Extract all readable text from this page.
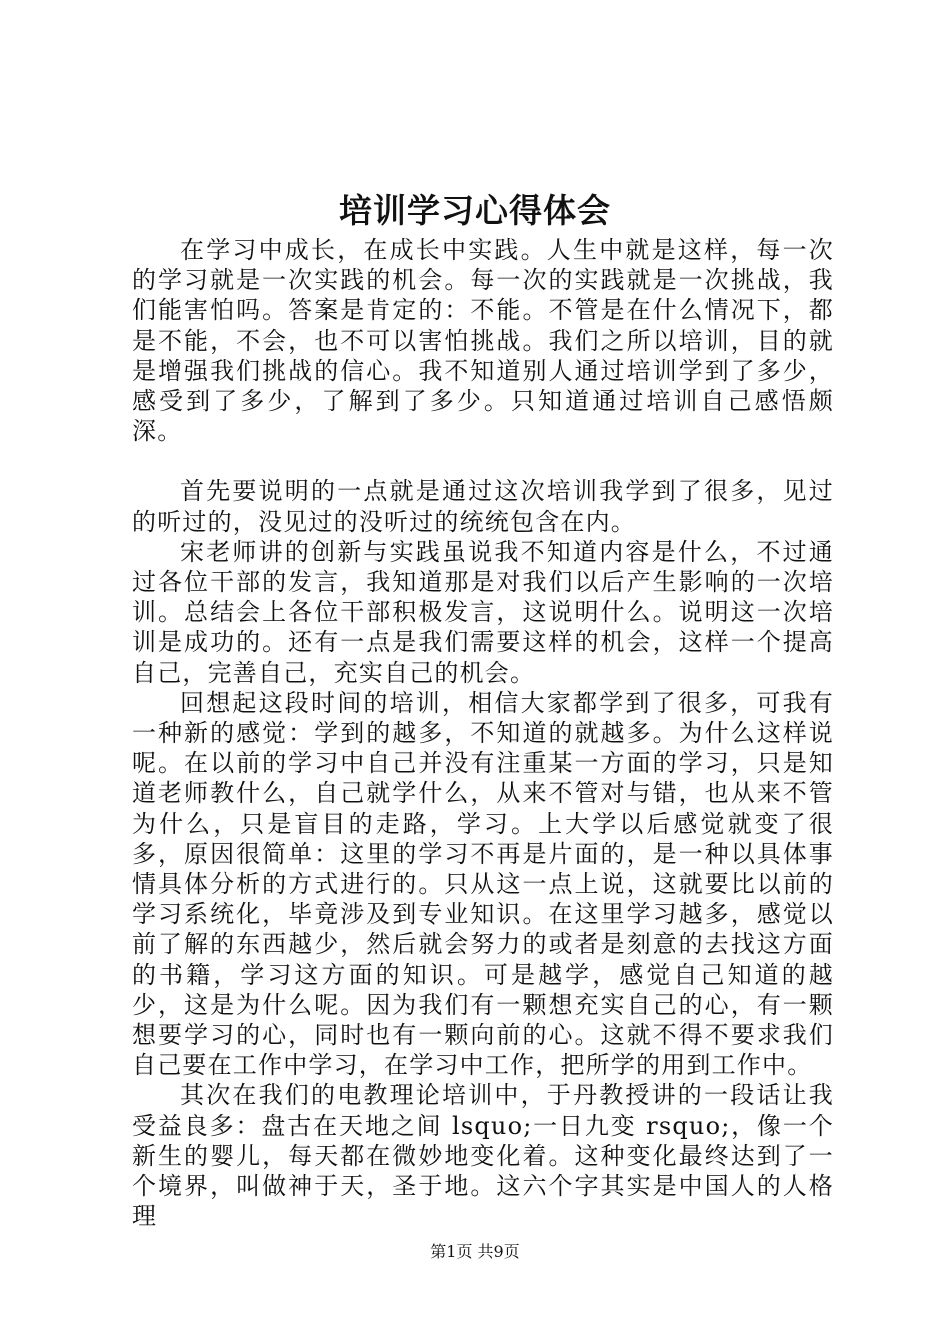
培训学习心得体会

在学习中成长，在成长中实践。人生中就是这样，每一次的学习就是一次实践的机会。每一次的实践就是一次挑战，我们能害怕吗。答案是肯定的：不能。不管是在什么情况下，都是不能，不会，也不可以害怕挑战。我们之所以培训，目的就是增强我们挑战的信心。我不知道别人通过培训学到了多少，感受到了多少，了解到了多少。只知道通过培训自己感悟颇深。

首先要说明的一点就是通过这次培训我学到了很多，见过的听过的，没见过的没听过的统统包含在内。

宋老师讲的创新与实践虽说我不知道内容是什么，不过通过各位干部的发言，我知道那是对我们以后产生影响的一次培训。总结会上各位干部积极发言，这说明什么。说明这一次培训是成功的。还有一点是我们需要这样的机会，这样一个提高自己，完善自己，充实自己的机会。

回想起这段时间的培训，相信大家都学到了很多，可我有一种新的感觉：学到的越多，不知道的就越多。为什么这样说呢。在以前的学习中自己并没有注重某一方面的学习，只是知道老师教什么，自己就学什么，从来不管对与错，也从来不管为什么，只是盲目的走路，学习。上大学以后感觉就变了很多，原因很简单：这里的学习不再是片面的，是一种以具体事情具体分析的方式进行的。只从这一点上说，这就要比以前的学习系统化，毕竟涉及到专业知识。在这里学习越多，感觉以前了解的东西越少，然后就会努力的或者是刻意的去找这方面的书籍，学习这方面的知识。可是越学，感觉自己知道的越少，这是为什么呢。因为我们有一颗想充实自己的心，有一颗想要学习的心，同时也有一颗向前的心。这就不得不要求我们自己要在工作中学习，在学习中工作，把所学的用到工作中。

其次在我们的电教理论培训中，于丹教授讲的一段话让我受益良多：盘古在天地之间 lsquo;一日九变 rsquo;，像一个新生的婴儿，每天都在微妙地变化着。这种变化最终达到了一个境界，叫做神于天，圣于地。这六个字其实是中国人的人格理

第1页 共9页
